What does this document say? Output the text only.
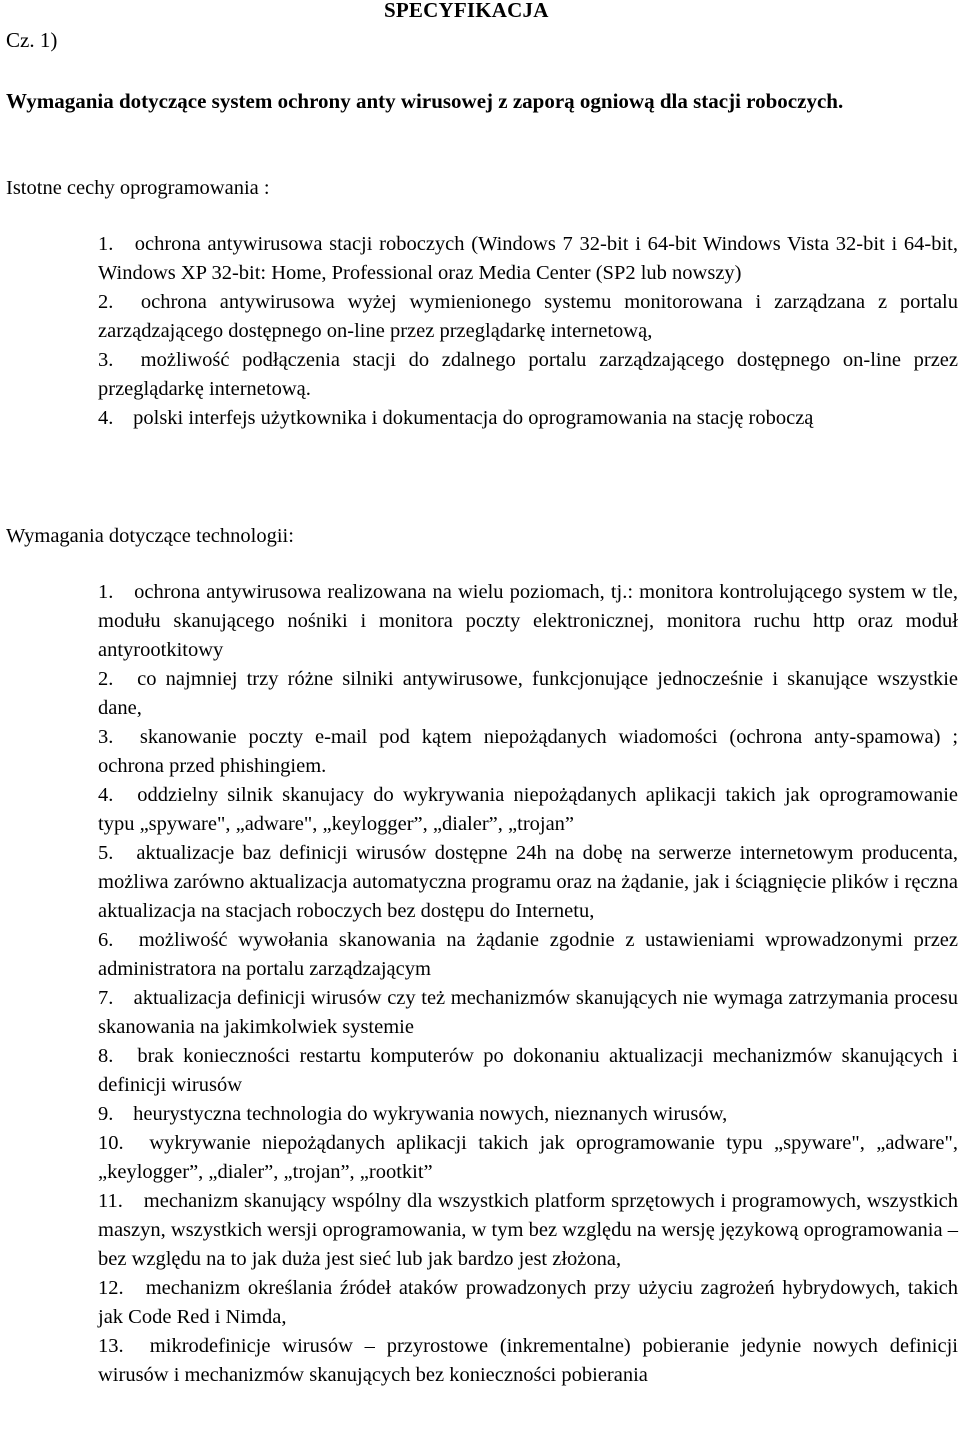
Cz. 1)
SPECYFIKACJA
Wymagania dotyczące system ochrony anty wirusowej z zaporą ogniową dla stacji roboczych.
Istotne cechy oprogramowania :
1. ochrona antywirusowa stacji roboczych (Windows 7 32-bit i 64-bit Windows Vista 32-bit i 64-bit, Windows XP 32-bit: Home, Professional oraz Media Center (SP2 lub nowszy)
2. ochrona antywirusowa wyżej wymienionego systemu monitorowana i zarządzana z portalu zarządzającego dostępnego on-line przez przeglądarkę internetową,
3. możliwość podłączenia stacji do zdalnego portalu zarządzającego dostępnego on-line przez przeglądarkę internetową.
4. polski interfejs użytkownika i dokumentacja do oprogramowania na stację roboczą
Wymagania dotyczące technologii:
1. ochrona antywirusowa realizowana na wielu poziomach, tj.: monitora kontrolującego system w tle, modułu skanującego nośniki i monitora poczty elektronicznej, monitora ruchu http oraz moduł antyrootkitowy
2. co najmniej trzy różne silniki antywirusowe, funkcjonujące jednocześnie i skanujące wszystkie dane,
3. skanowanie poczty e-mail pod kątem niepożądanych wiadomości (ochrona anty-spamowa) ; ochrona przed phishingiem.
4. oddzielny silnik skanujacy do wykrywania niepożądanych aplikacji takich jak oprogramowanie typu „spyware", „adware", „keylogger”, „dialer”, „trojan”
5. aktualizacje baz definicji wirusów dostępne 24h na dobę na serwerze internetowym producenta, możliwa zarówno aktualizacja automatyczna programu oraz na żądanie, jak i ściągnięcie plików i ręczna aktualizacja na stacjach roboczych bez dostępu do Internetu,
6. możliwość wywołania skanowania na żądanie zgodnie z ustawieniami wprowadzonymi przez administratora na portalu zarządzającym
7. aktualizacja definicji wirusów czy też mechanizmów skanujących nie wymaga zatrzymania procesu skanowania na jakimkolwiek systemie
8. brak konieczności restartu komputerów po dokonaniu aktualizacji mechanizmów skanujących i definicji wirusów
9. heurystyczna technologia do wykrywania nowych, nieznanych wirusów,
10. wykrywanie niepożądanych aplikacji takich jak oprogramowanie typu „spyware", „adware", „keylogger”, „dialer”, „trojan”, „rootkit”
11. mechanizm skanujący wspólny dla wszystkich platform sprzętowych i programowych, wszystkich maszyn, wszystkich wersji oprogramowania, w tym bez względu na wersję językową oprogramowania – bez względu na to jak duża jest sieć lub jak bardzo jest złożona,
12. mechanizm określania źródeł ataków prowadzonych przy użyciu zagrożeń hybrydowych, takich jak Code Red i Nimda,
13. mikrodefinicje wirusów – przyrostowe (inkrementalne) pobieranie jedynie nowych definicji wirusów i mechanizmów skanujących bez konieczności pobierania
